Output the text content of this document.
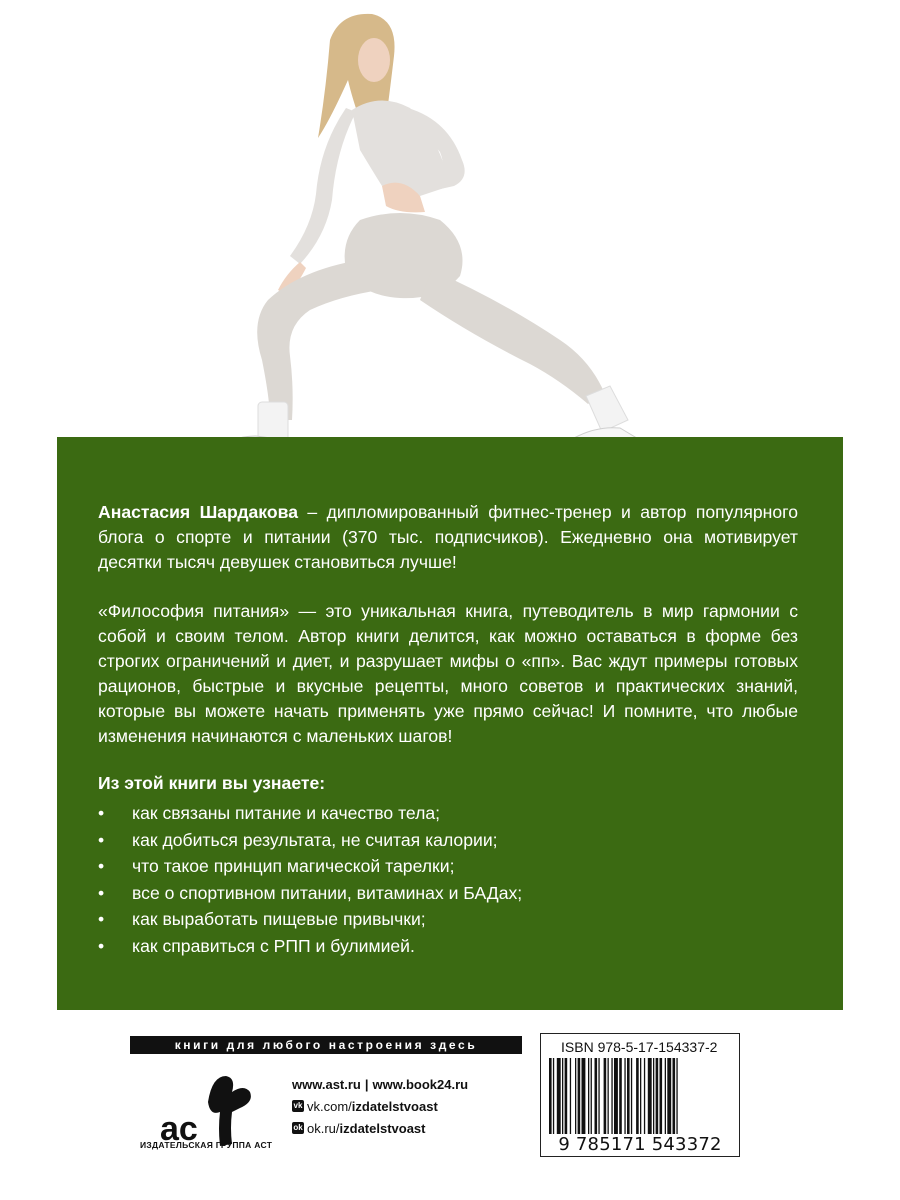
Анастасия Шардакова – дипломированный фитнес-тренер и автор популярного блога о спорте и питании (370 тыс. подписчиков). Ежедневно она мотивирует десятки тысяч девушек становиться лучше!

«Философия питания» — это уникальная книга, путеводитель в мир гармонии с собой и своим телом. Автор книги делится, как можно оставаться в форме без строгих ограничений и диет, и разрушает мифы о «пп». Вас ждут примеры готовых рационов, быстрые и вкусные рецепты, много советов и практических знаний, которые вы можете начать применять уже прямо сейчас! И помните, что любые изменения начинаются с маленьких шагов!

Из этой книги вы узнаете:
• как связаны питание и качество тела;
• как добиться результата, не считая калории;
• что такое принцип магической тарелки;
• все о спортивном питании, витаминах и БАДах;
• как выработать пищевые привычки;
• как справиться с РПП и булимией.
книги для любого настроения здесь
ac
ИЗДАТЕЛЬСКАЯ ГРУППА АСТ
www.ast.ru | www.book24.ru
vk vk.com/izdatelstvoast
ok ok.ru/izdatelstvoast
ISBN 978-5-17-154337-2
9 785171 543372
